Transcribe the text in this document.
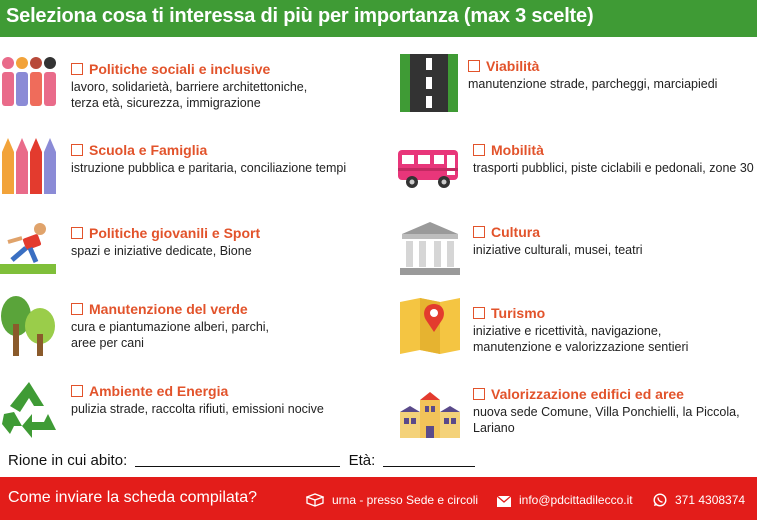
Seleziona cosa ti interessa di più per importanza (max 3 scelte)
Politiche sociali e inclusive
lavoro, solidarietà, barriere architettoniche,
terza età, sicurezza, immigrazione
Scuola e Famiglia
istruzione pubblica e paritaria, conciliazione tempi
Politiche giovanili e Sport
spazi e iniziative dedicate, Bione
Manutenzione del verde
cura e piantumazione alberi, parchi,
aree per cani
Ambiente ed Energia
pulizia strade, raccolta rifiuti, emissioni nocive
Viabilità
manutenzione strade, parcheggi, marciapiedi
Mobilità
trasporti pubblici, piste ciclabili e pedonali, zone 30
Cultura
iniziative culturali, musei, teatri
Turismo
iniziative e ricettività, navigazione,
manutenzione e valorizzazione sentieri
Valorizzazione edifici ed aree
nuova sede Comune, Villa Ponchielli, la Piccola,
Lariano
Rione in cui abito:	Età:
Come inviare la scheda compilata?	urna - presso Sede e circoli	info@pdcittadilecco.it	371 4308374
